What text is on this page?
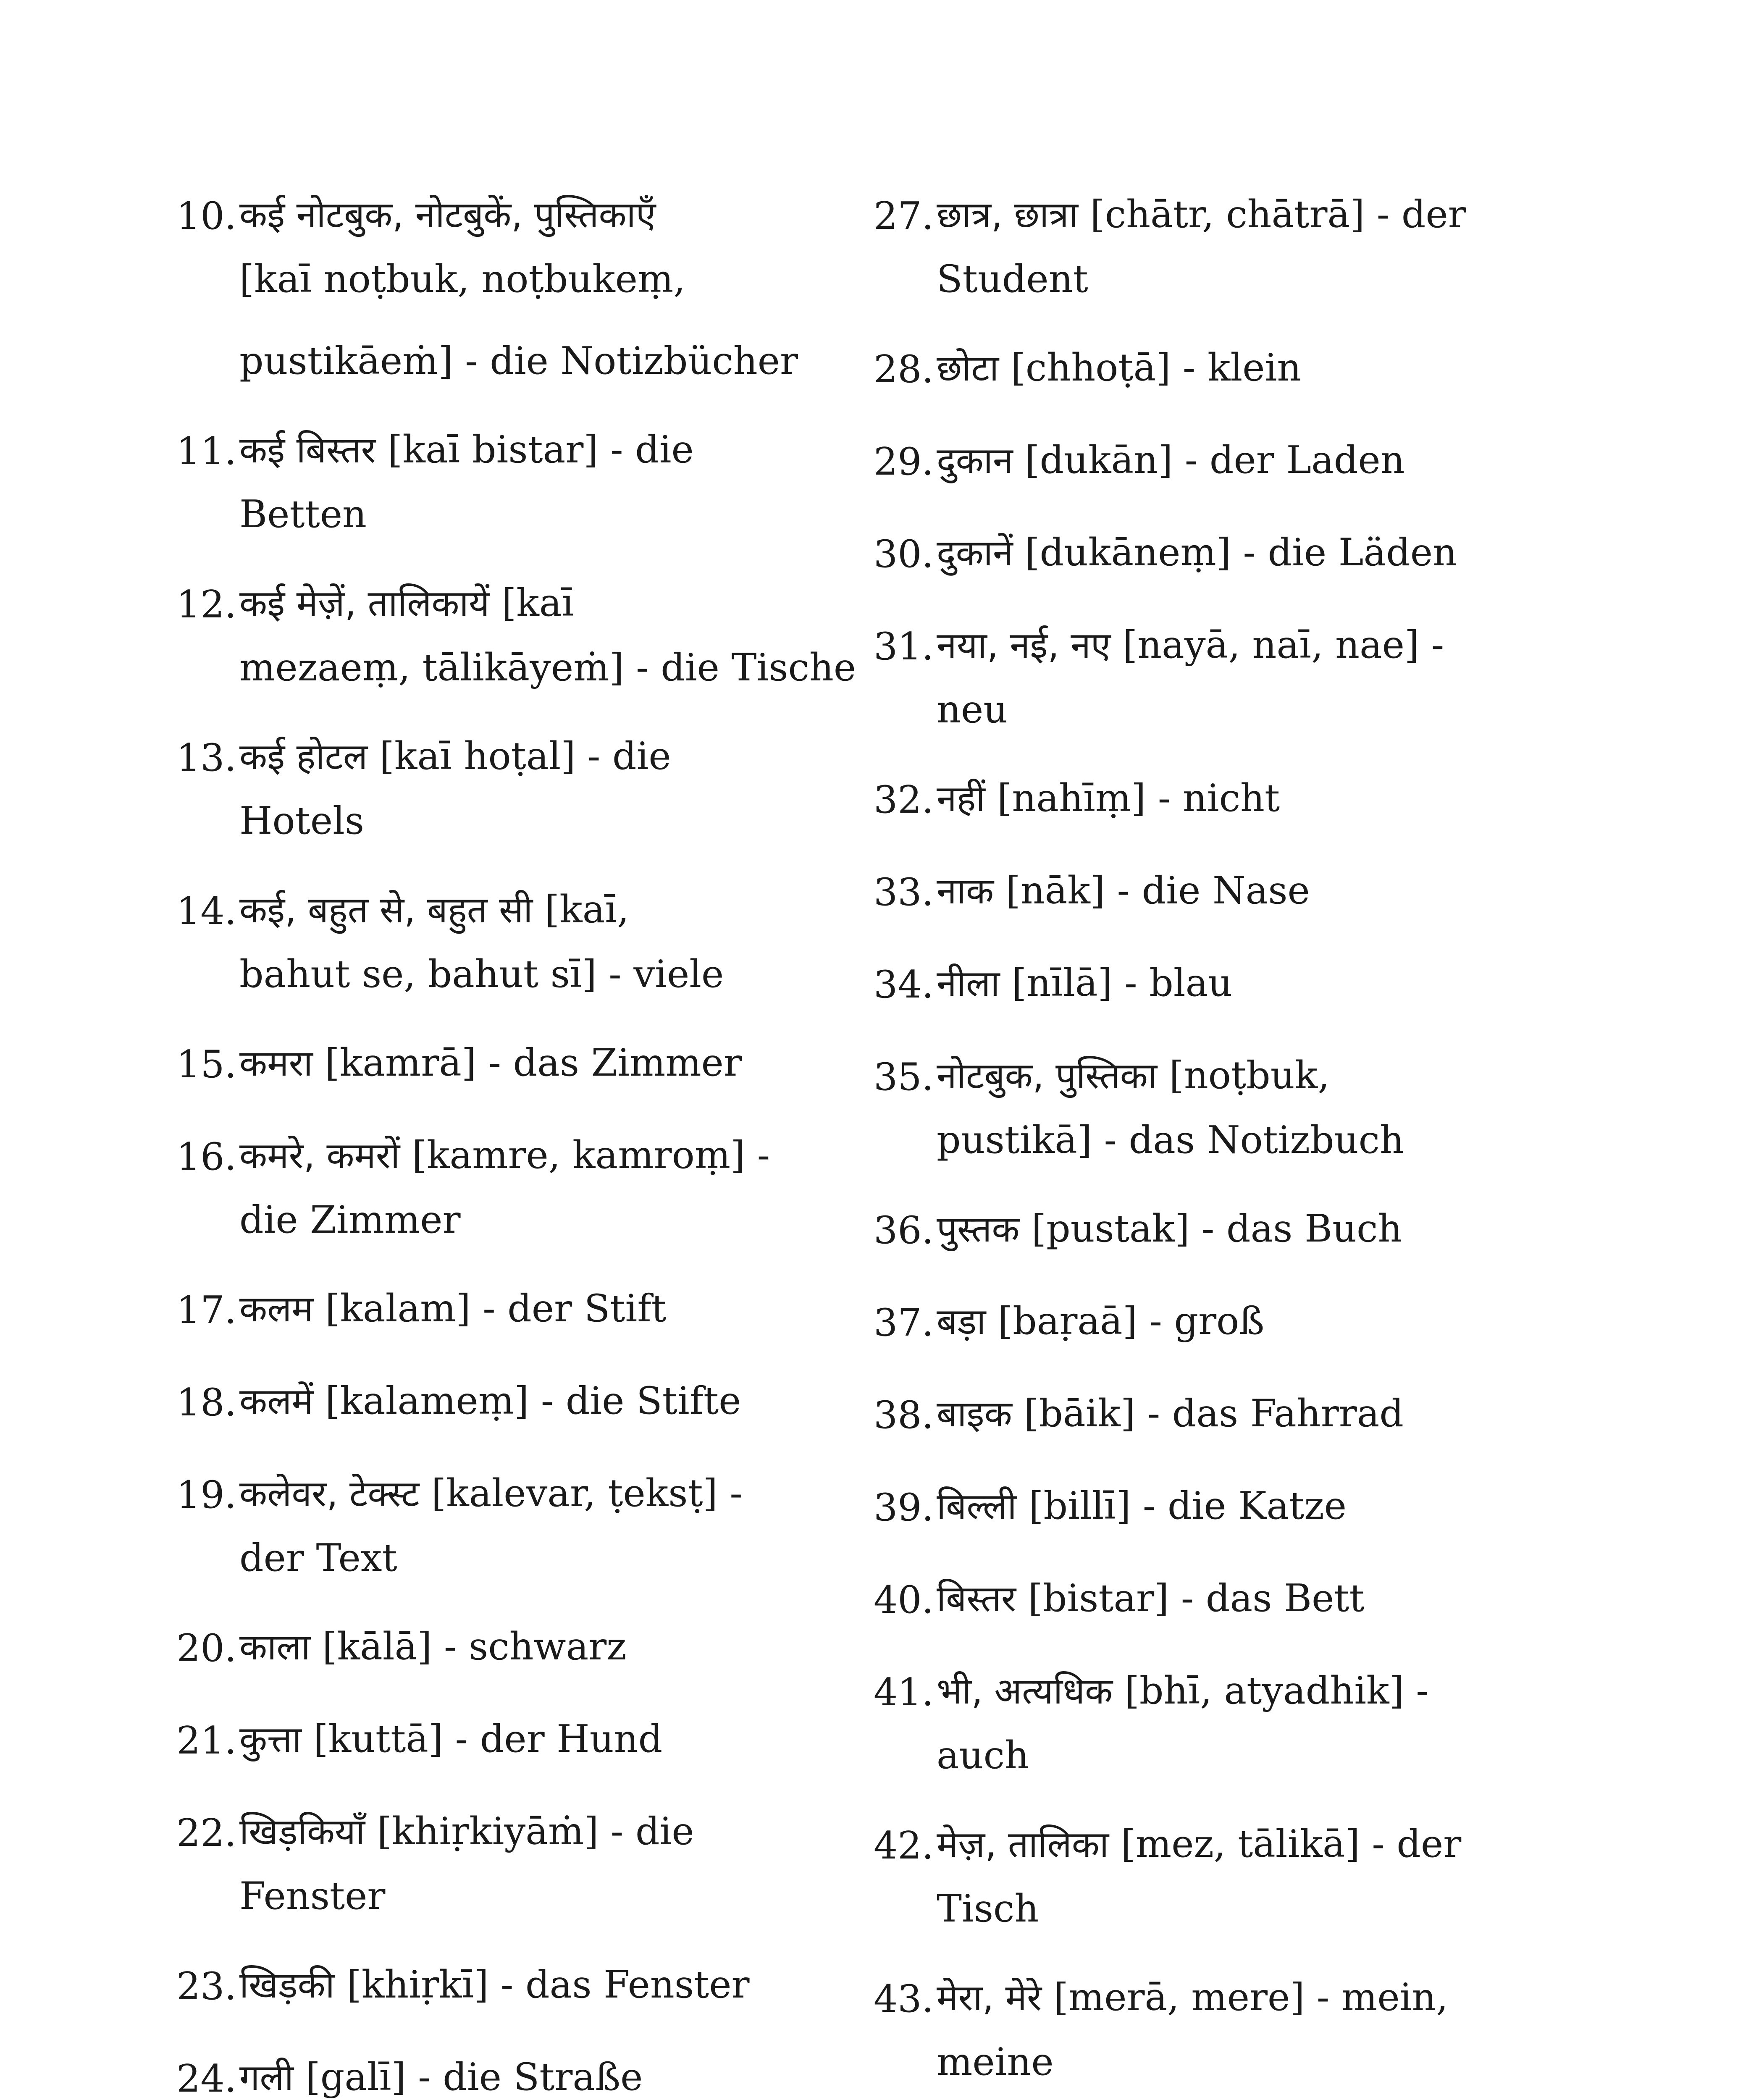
10. कई नोटबुक, नोटबुकें, पुस्तिकाएँ
[kaī noṭbuk, noṭbukeṃ,
pustikāeṁ] - die Notizbücher
11. कई बिस्तर [kaī bistar] - die
Betten
12. कई मेज़ें, तालिकायें [kaī
mezaeṃ, tālikāyeṁ] - die Tische
13. कई होटल [kaī hoṭal] - die
Hotels
14. कई, बहुत से, बहुत सी [kaī,
bahut se, bahut sī] - viele
15. कमरा [kamrā] - das Zimmer
16. कमरे, कमरों [kamre, kamroṃ] -
die Zimmer
17. कलम [kalam] - der Stift
18. कलमें [kalameṃ] - die Stifte
19. कलेवर, टेक्स्ट [kalevar, ṭeksṭ] -
der Text
20. काला [kālā] - schwarz
21. कुत्ता [kuttā] - der Hund
22. खिड़कियाँ [khiṛkiyāṁ] - die
Fenster
23. खिड़की [khiṛkī] - das Fenster
24. गली [galī] - die Straße
27. छात्र, छात्रा [chātr, chātrā] - der
Student
28. छोटा [chhoṭā] - klein
29. दुकान [dukān] - der Laden
30. दुकानें [dukāneṃ] - die Läden
31. नया, नई, नए [nayā, naī, nae] -
neu
32. नहीं [nahīṃ] - nicht
33. नाक [nāk] - die Nase
34. नीला [nīlā] - blau
35. नोटबुक, पुस्तिका [noṭbuk,
pustikā] - das Notizbuch
36. पुस्तक [pustak] - das Buch
37. बड़ा [baṛaā] - groß
38. बाइक [bāik] - das Fahrrad
39. बिल्ली [billī] - die Katze
40. बिस्तर [bistar] - das Bett
41. भी, अत्यधिक [bhī, atyadhik] -
auch
42. मेज़, तालिका [mez, tālikā] - der
Tisch
43. मेरा, मेरे [merā, mere] - mein,
meine
